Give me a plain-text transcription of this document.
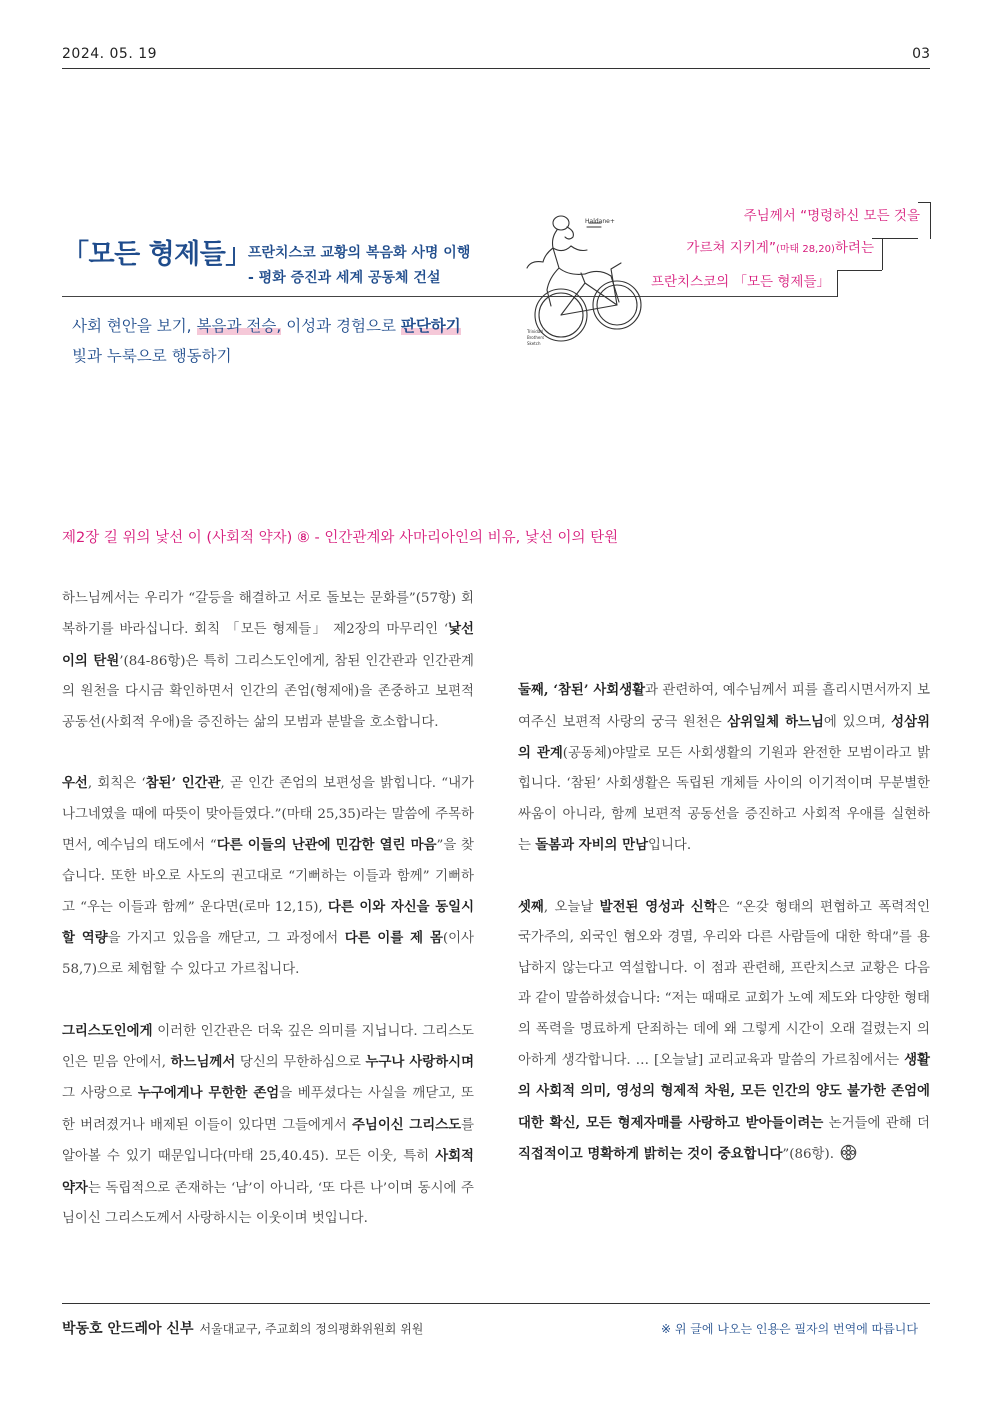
2024. 05. 19	03
「모든 형제들」
프란치스코 교황의 복음화 사명 이행
- 평화 증진과 세계 공동체 건설
사회 현안을 보기, 복음과 전승, 이성과 경험으로 판단하기
빛과 누룩으로 행동하기
주님께서 “명령하신 모든 것을
가르쳐 지키게”(마태 28,20)하려는
프란치스코의 「모든 형제들」
Haldane+
Trinidad
Brothers
Sketch
제2장 길 위의 낯선 이 (사회적 약자) ⑧ - 인간관계와 사마리아인의 비유, 낯선 이의 탄원

하느님께서는 우리가 “갈등을 해결하고 서로 돌보는 문화를”(57항) 회복하기를 바라십니다. 회칙 「모든 형제들」 제2장의 마무리인 ‘낯선 이의 탄원’(84-86항)은 특히 그리스도인에게, 참된 인간관과 인간관계의 원천을 다시금 확인하면서 인간의 존엄(형제애)을 존중하고 보편적 공동선(사회적 우애)을 증진하는 삶의 모범과 분발을 호소합니다.

우선, 회칙은 ‘참된’ 인간관, 곧 인간 존엄의 보편성을 밝힙니다. “내가 나그네였을 때에 따뜻이 맞아들였다.”(마태 25,35)라는 말씀에 주목하면서, 예수님의 태도에서 “다른 이들의 난관에 민감한 열린 마음”을 찾습니다. 또한 바오로 사도의 권고대로 “기뻐하는 이들과 함께” 기뻐하고 “우는 이들과 함께” 운다면(로마 12,15), 다른 이와 자신을 동일시할 역량을 가지고 있음을 깨닫고, 그 과정에서 다른 이를 제 몸(이사 58,7)으로 체험할 수 있다고 가르칩니다.

그리스도인에게 이러한 인간관은 더욱 깊은 의미를 지닙니다. 그리스도인은 믿음 안에서, 하느님께서 당신의 무한하심으로 누구나 사랑하시며 그 사랑으로 누구에게나 무한한 존엄을 베푸셨다는 사실을 깨닫고, 또한 버려졌거나 배제된 이들이 있다면 그들에게서 주님이신 그리스도를 알아볼 수 있기 때문입니다(마태 25,40.45). 모든 이웃, 특히 사회적 약자는 독립적으로 존재하는 ‘남’이 아니라, ‘또 다른 나’이며 동시에 주님이신 그리스도께서 사랑하시는 이웃이며 벗입니다.

둘째, ‘참된’ 사회생활과 관련하여, 예수님께서 피를 흘리시면서까지 보여주신 보편적 사랑의 궁극 원천은 삼위일체 하느님에 있으며, 성삼위의 관계(공동체)야말로 모든 사회생활의 기원과 완전한 모범이라고 밝힙니다. ‘참된’ 사회생활은 독립된 개체들 사이의 이기적이며 무분별한 싸움이 아니라, 함께 보편적 공동선을 증진하고 사회적 우애를 실현하는 돌봄과 자비의 만남입니다.

셋째, 오늘날 발전된 영성과 신학은 “온갖 형태의 편협하고 폭력적인 국가주의, 외국인 혐오와 경멸, 우리와 다른 사람들에 대한 학대”를 용납하지 않는다고 역설합니다. 이 점과 관련해, 프란치스코 교황은 다음과 같이 말씀하셨습니다: “저는 때때로 교회가 노예 제도와 다양한 형태의 폭력을 명료하게 단죄하는 데에 왜 그렇게 시간이 오래 걸렸는지 의아하게 생각합니다. … [오늘날] 교리교육과 말씀의 가르침에서는 생활의 사회적 의미, 영성의 형제적 차원, 모든 인간의 양도 불가한 존엄에 대한 확신, 모든 형제자매를 사랑하고 받아들이려는 논거들에 관해 더 직접적이고 명확하게 밝히는 것이 중요합니다”(86항).

박동호 안드레아 신부 서울대교구, 주교회의 정의평화위원회 위원	※ 위 글에 나오는 인용은 필자의 번역에 따릅니다
